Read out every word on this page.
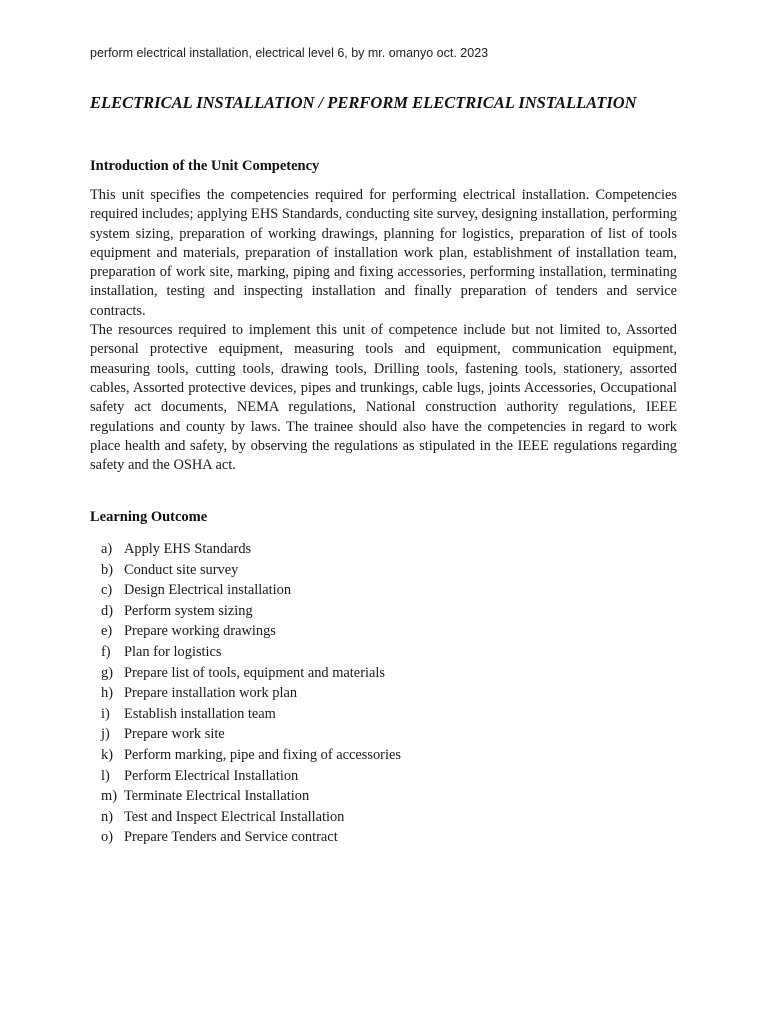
perform electrical installation, electrical level 6, by mr. omanyo oct. 2023
ELECTRICAL INSTALLATION / PERFORM ELECTRICAL INSTALLATION
Introduction of the Unit Competency

This unit specifies the competencies required for performing electrical installation. Competencies required includes; applying EHS Standards, conducting site survey, designing installation, performing system sizing, preparation of working drawings, planning for logistics, preparation of list of tools equipment and materials, preparation of installation work plan, establishment of installation team, preparation of work site, marking, piping and fixing accessories, performing installation, terminating installation, testing and inspecting installation and finally preparation of tenders and service contracts.

The resources required to implement this unit of competence include but not limited to, Assorted personal protective equipment, measuring tools and equipment, communication equipment, measuring tools, cutting tools, drawing tools, Drilling tools, fastening tools, stationery, assorted cables, Assorted protective devices, pipes and trunkings, cable lugs, joints Accessories, Occupational safety act documents, NEMA regulations, National construction authority regulations, IEEE regulations and county by laws. The trainee should also have the competencies in regard to work place health and safety, by observing the regulations as stipulated in the IEEE regulations regarding safety and the OSHA act.

Learning Outcome
a) Apply EHS Standards
b) Conduct site survey
c) Design Electrical installation
d) Perform system sizing
e) Prepare working drawings
f) Plan for logistics
g) Prepare list of tools, equipment and materials
h) Prepare installation work plan
i) Establish installation team
j) Prepare work site
k) Perform marking, pipe and fixing of accessories
l) Perform Electrical Installation
m) Terminate Electrical Installation
n) Test and Inspect Electrical Installation
o) Prepare Tenders and Service contract
